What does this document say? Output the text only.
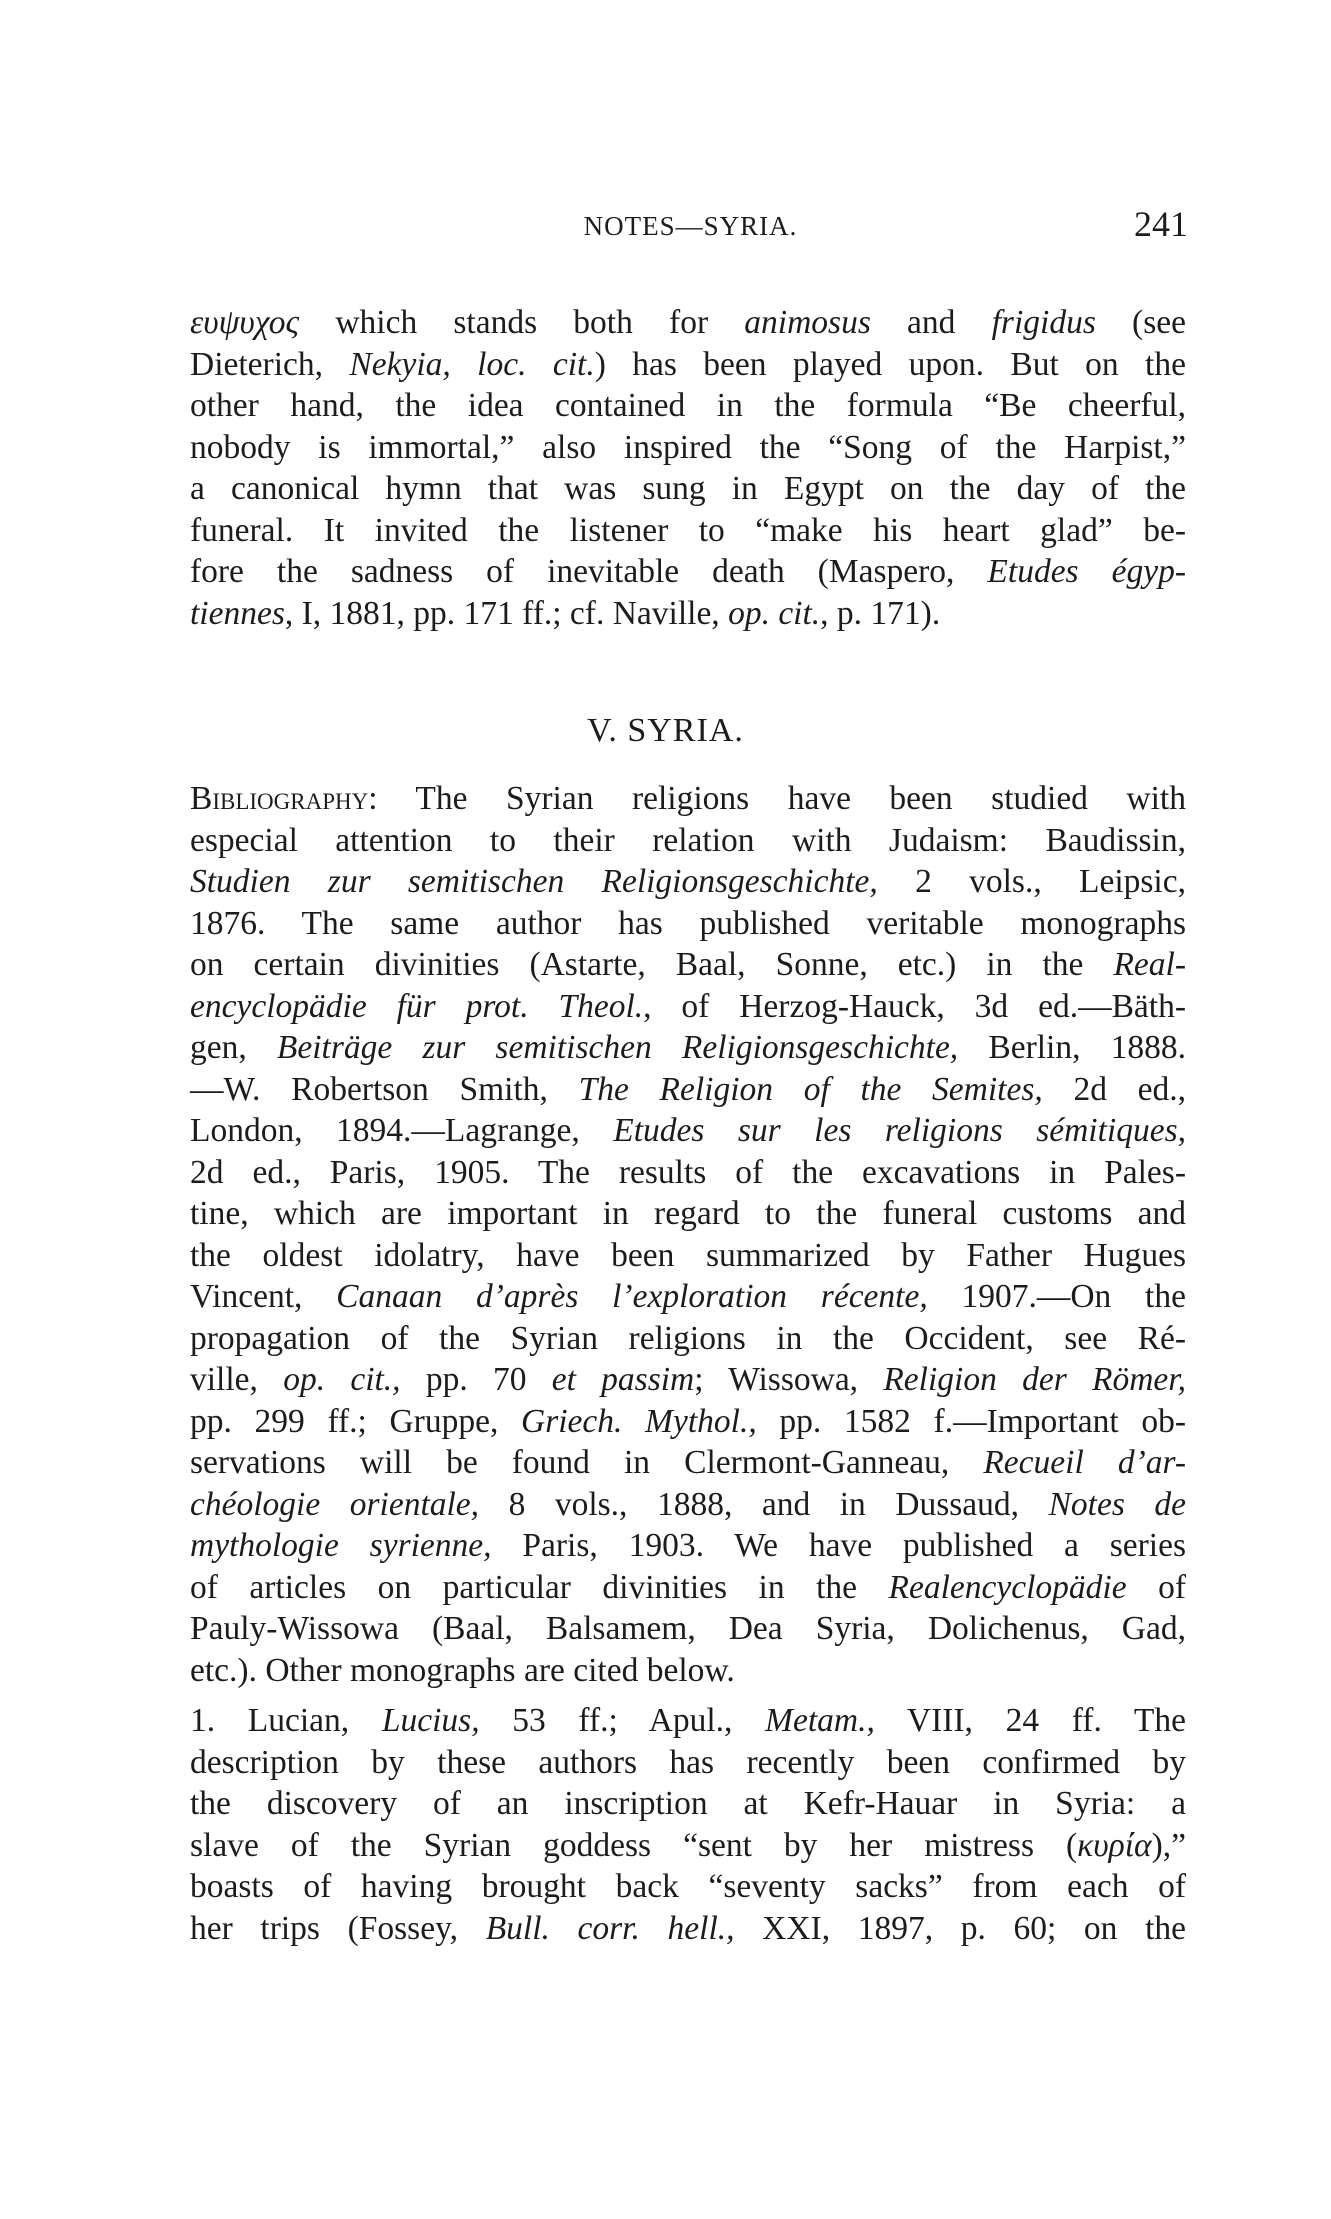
NOTES—SYRIA.	241
ευψυχος which stands both for animosus and frigidus (see
Dieterich, Nekyia, loc. cit.) has been played upon. But on the
other hand, the idea contained in the formula “Be cheerful,
nobody is immortal,” also inspired the “Song of the Harpist,”
a canonical hymn that was sung in Egypt on the day of the
funeral. It invited the listener to “make his heart glad” be-
fore the sadness of inevitable death (Maspero, Etudes égyp-
tiennes, I, 1881, pp. 171 ff.; cf. Naville, op. cit., p. 171).
V. SYRIA.
Bibliography: The Syrian religions have been studied with
especial attention to their relation with Judaism: Baudissin,
Studien zur semitischen Religionsgeschichte, 2 vols., Leipsic,
1876. The same author has published veritable monographs
on certain divinities (Astarte, Baal, Sonne, etc.) in the Real-
encyclopädie für prot. Theol., of Herzog-Hauck, 3d ed.—Bäth-
gen, Beiträge zur semitischen Religionsgeschichte, Berlin, 1888.
—W. Robertson Smith, The Religion of the Semites, 2d ed.,
London, 1894.—Lagrange, Etudes sur les religions sémitiques,
2d ed., Paris, 1905. The results of the excavations in Pales-
tine, which are important in regard to the funeral customs and
the oldest idolatry, have been summarized by Father Hugues
Vincent, Canaan d’après l’exploration récente, 1907.—On the
propagation of the Syrian religions in the Occident, see Ré-
ville, op. cit., pp. 70 et passim; Wissowa, Religion der Römer,
pp. 299 ff.; Gruppe, Griech. Mythol., pp. 1582 f.—Important ob-
servations will be found in Clermont-Ganneau, Recueil d’ar-
chéologie orientale, 8 vols., 1888, and in Dussaud, Notes de
mythologie syrienne, Paris, 1903. We have published a series
of articles on particular divinities in the Realencyclopädie of
Pauly-Wissowa (Baal, Balsamem, Dea Syria, Dolichenus, Gad,
etc.). Other monographs are cited below.
1. Lucian, Lucius, 53 ff.; Apul., Metam., VIII, 24 ff. The
description by these authors has recently been confirmed by
the discovery of an inscription at Kefr-Hauar in Syria: a
slave of the Syrian goddess “sent by her mistress (κυρία),”
boasts of having brought back “seventy sacks” from each of
her trips (Fossey, Bull. corr. hell., XXI, 1897, p. 60; on the
